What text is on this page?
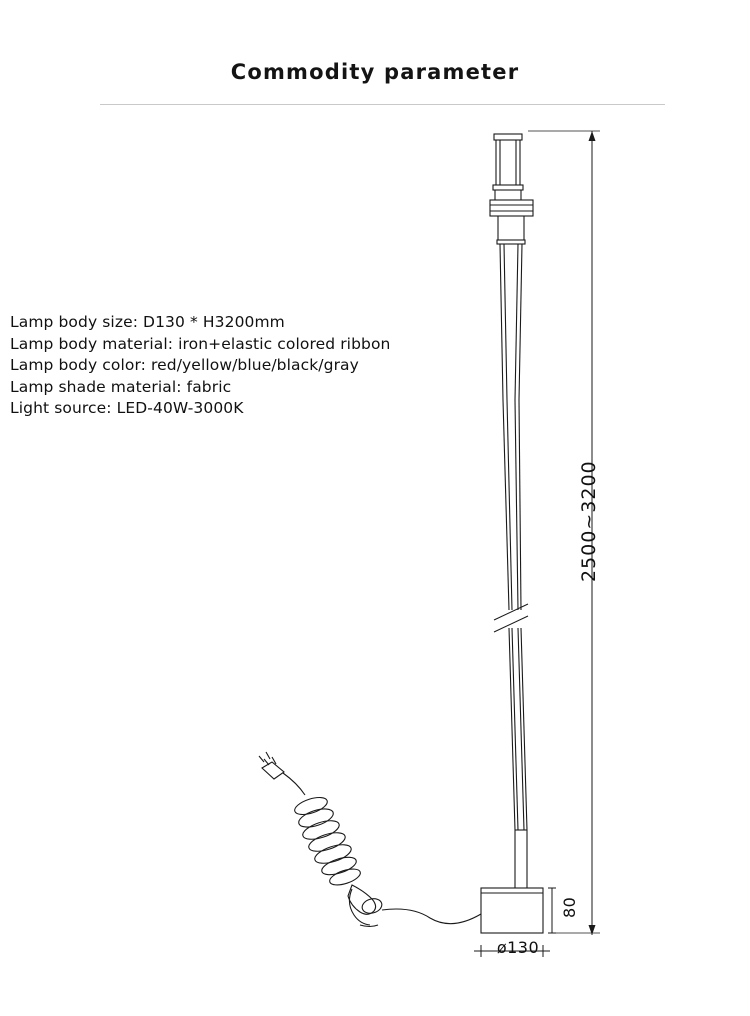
Commodity parameter
Lamp body size: D130 * H3200mm
Lamp body material: iron+elastic colored ribbon
Lamp body color: red/yellow/blue/black/gray
Lamp shade material: fabric
Light source: LED-40W-3000K
2500~3200
80
ø130
